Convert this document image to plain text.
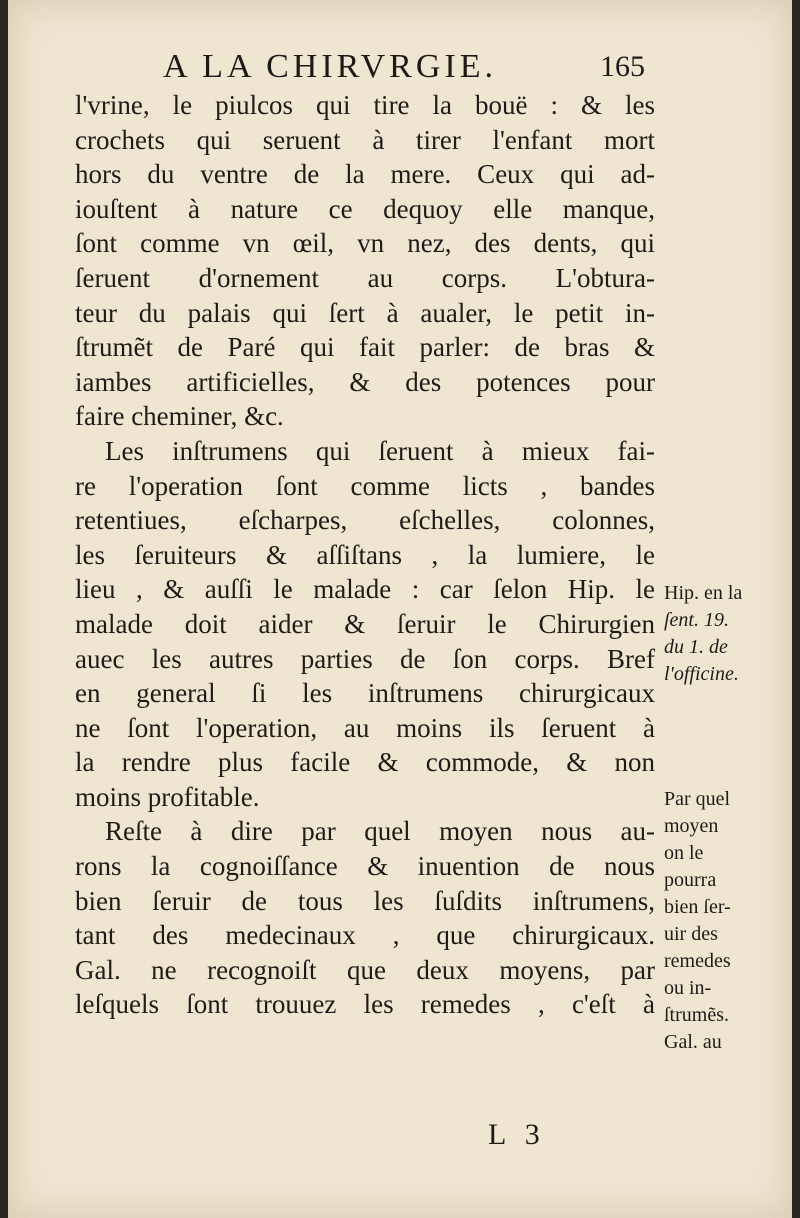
A LA CHIRVRGIE.	165
l'vrine, le piulcos qui tire la bouë : & les
crochets qui seruent à tirer l'enfant mort
hors du ventre de la mere. Ceux qui ad-
iouſtent à nature ce dequoy elle manque,
ſont comme vn œil, vn nez, des dents, qui
ſeruent d'ornement au corps. L'obtura-
teur du palais qui ſert à aualer, le petit in-
ſtrumẽt de Paré qui fait parler: de bras &
iambes artificielles, & des potences pour
faire cheminer, &c.
Les inſtrumens qui ſeruent à mieux fai-
re l'operation ſont comme licts , bandes
retentiues, eſcharpes, eſchelles, colonnes,
les ſeruiteurs & aſſiſtans , la lumiere, le
lieu , & auſſi le malade : car ſelon Hip. le
malade doit aider & ſeruir le Chirurgien
auec les autres parties de ſon corps. Bref
en general ſi les inſtrumens chirurgicaux
ne ſont l'operation, au moins ils ſeruent à
la rendre plus facile & commode, & non
moins profitable.
Reſte à dire par quel moyen nous au-
rons la cognoiſſance & inuention de nous
bien ſeruir de tous les ſuſdits inſtrumens,
tant des medecinaux , que chirurgicaux.
Gal. ne recognoiſt que deux moyens, par
leſquels ſont trouuez les remedes , c'eſt à
Hip. en la
ſent. 19.
du 1. de
l'officine.
Par quel
moyen
on le
pourra
bien ſer-
uir des
remedes
ou in-
ſtrumẽs.
Gal. au
L 3
